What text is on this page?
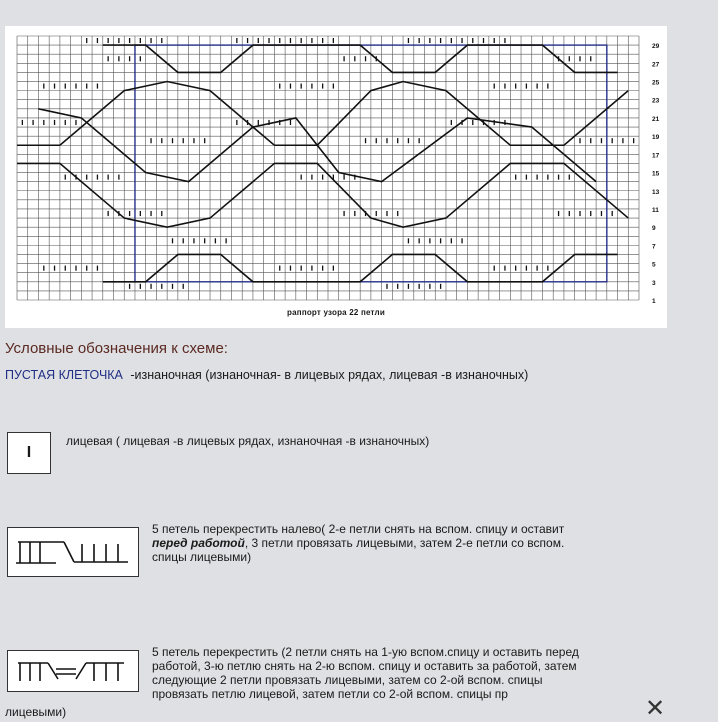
29
27
25
23
21
19
17
15
13
11
9
7
5
3
1
раппорт узора 22 петли
Условные обозначения к схеме:
ПУСТАЯ КЛЕТОЧКА -изнаночная (изнаночная- в лицевых рядах, лицевая -в изнаночных)
I
лицевая ( лицевая -в лицевых рядах, изнаночная -в изнаночных)
5 петель перекрестить налево( 2-е петли снять на вспом. спицу и оставит
перед работой, 3 петли провязать лицевыми, затем 2-е петли со вспом.
спицы лицевыми)
5 петель перекрестить (2 петли снять на 1-ую вспом.спицу и оставить перед
работой, 3-ю петлю снять на 2-ю вспом. спицу и оставить за работой, затем
следующие 2 петли провязать лицевыми, затем со 2-ой вспом. спицы
провязать петлю лицевой, затем петли со 2-ой вспом. спицы пр
лицевыми)	✕
